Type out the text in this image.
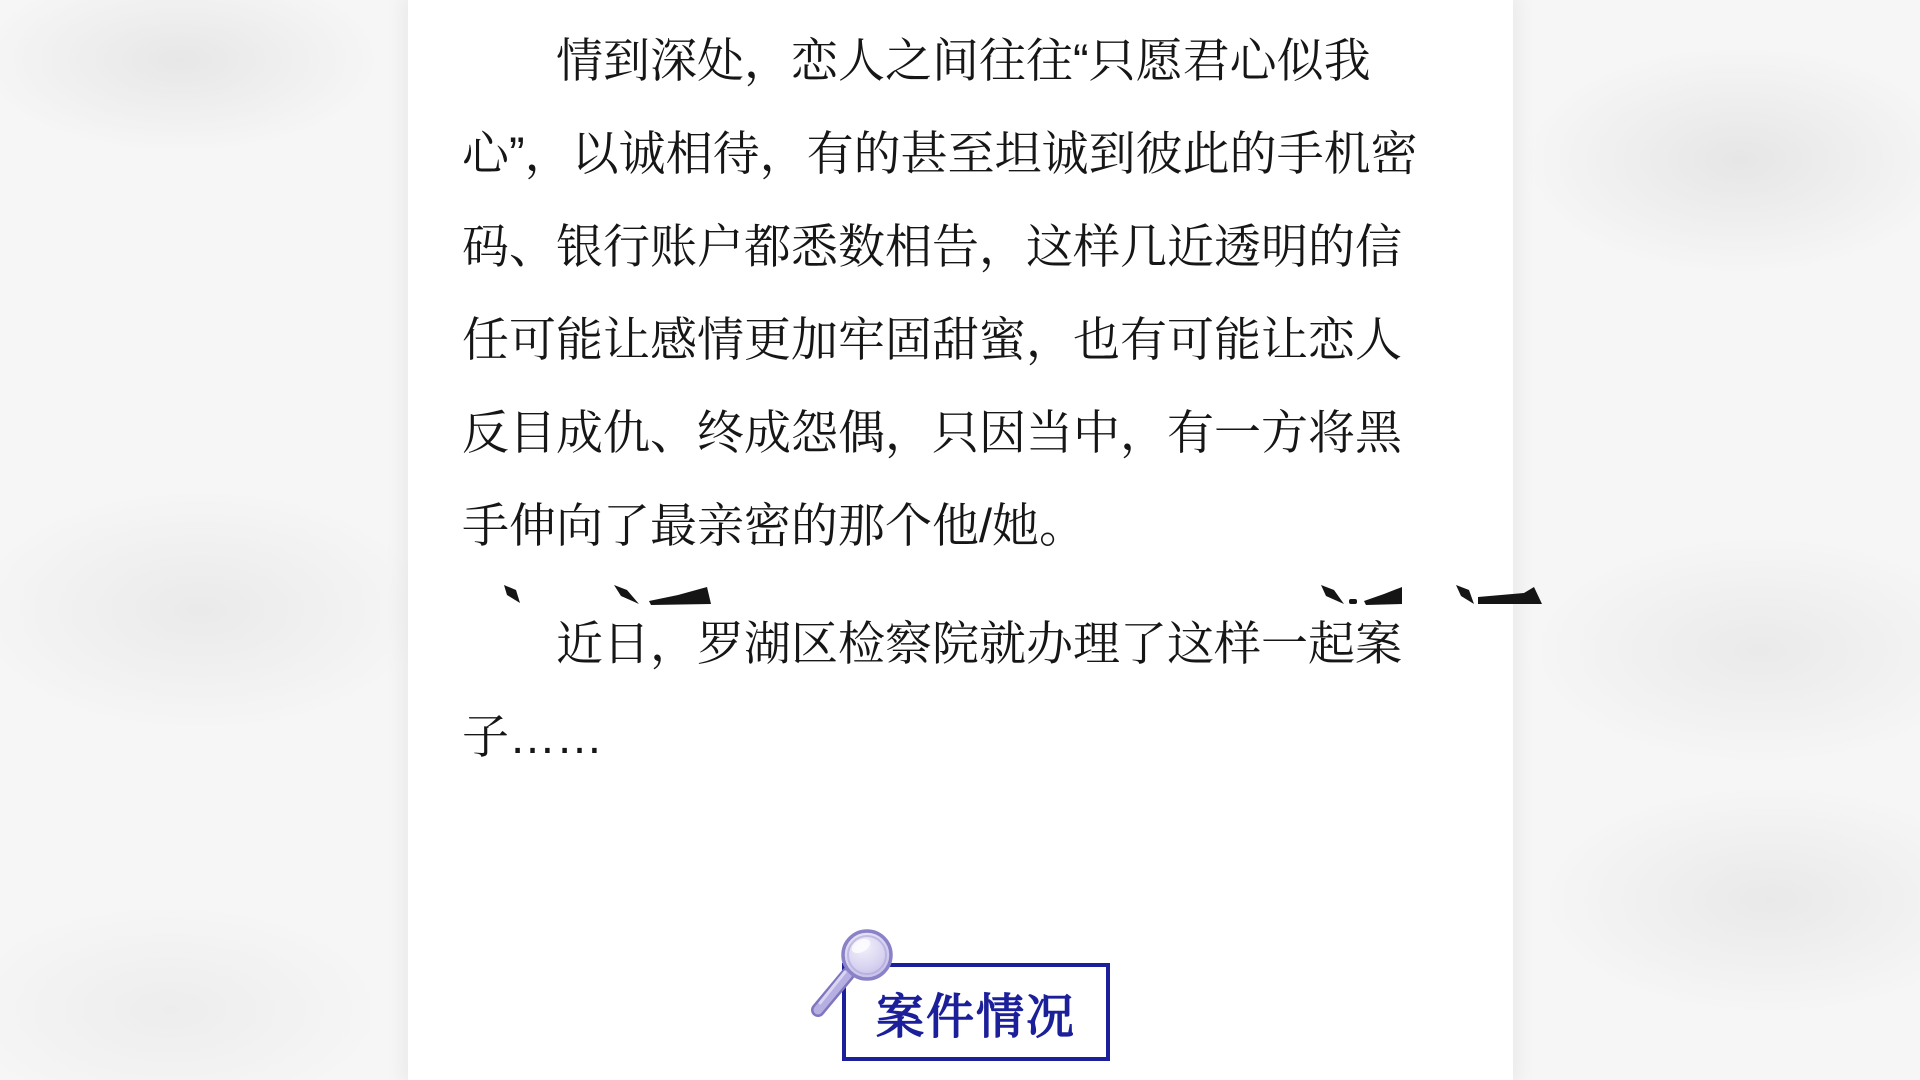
情到深处，恋人之间往往“只愿君心似我
心”，以诚相待，有的甚至坦诚到彼此的手机密
码、银行账户都悉数相告，这样几近透明的信
任可能让感情更加牢固甜蜜，也有可能让恋人
反目成仇、终成怨偶，只因当中，有一方将黑
手伸向了最亲密的那个他/她。
近日，罗湖区检察院就办理了这样一起案
子……
案件情况
